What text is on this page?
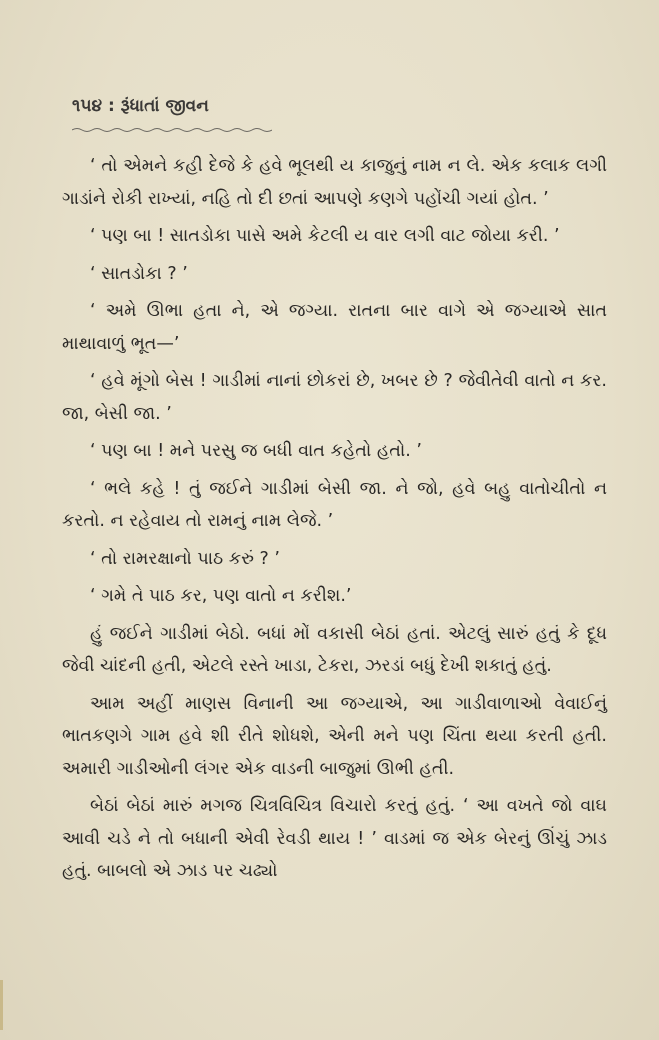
૧૫૪ : રૂંધાતાં જીવન

‘ તો એમને કહી દેજે કે હવે ભૂલથી ય કાજુનું નામ ન લે. એક કલાક લગી ગાડાંને રોકી રાખ્યાં, નહિ તો દી છતાં આપણે કણગે પહોંચી ગયાં હોત. ’

‘ પણ બા ! સાતડોકા પાસે અમે કેટલી ય વાર લગી વાટ જોયા કરી. ’

‘ સાતડોકા ? ’

‘ અમે ઊભા હતા ને, એ જગ્યા. રાતના બાર વાગે એ જગ્યાએ સાત માથાવાળું ભૂત—’

‘ હવે મૂંગો બેસ ! ગાડીમાં નાનાં છોકરાં છે, ખબર છે ? જેવીતેવી વાતો ન કર. જા, બેસી જા. ’

‘ પણ બા ! મને પરસુ જ બધી વાત કહેતો હતો. ’

‘ ભલે કહે ! તું જઈને ગાડીમાં બેસી જા. ને જો, હવે બહુ વાતોચીતો ન કરતો. ન રહેવાય તો રામનું નામ લેજે. ’

‘ તો રામરક્ષાનો પાઠ કરું ? ’

‘ ગમે તે પાઠ કર, પણ વાતો ન કરીશ.’

હું જઈને ગાડીમાં બેઠો. બધાં મોં વકાસી બેઠાં હતાં. એટલું સારું હતું કે દૂધ જેવી ચાંદની હતી, એટલે રસ્તે ખાડા, ટેકરા, ઝરડાં બધું દેખી શકાતું હતું.

આમ અહીં માણસ વિનાની આ જગ્યાએ, આ ગાડીવાળાઓ વેવાઈનું ભાતકણગે ગામ હવે શી રીતે શોધશે, એની મને પણ ચિંતા થયા કરતી હતી. અમારી ગાડીઓની લંગર એક વાડની બાજુમાં ઊભી હતી.

બેઠાં બેઠાં મારું મગજ ચિત્રવિચિત્ર વિચારો કરતું હતું. ‘ આ વખતે જો વાઘ આવી ચડે ને તો બધાની એવી રેવડી થાય ! ’ વાડમાં જ એક બેરનું ઊંચું ઝાડ હતું. બાબલો એ ઝાડ પર ચઢ્યો
